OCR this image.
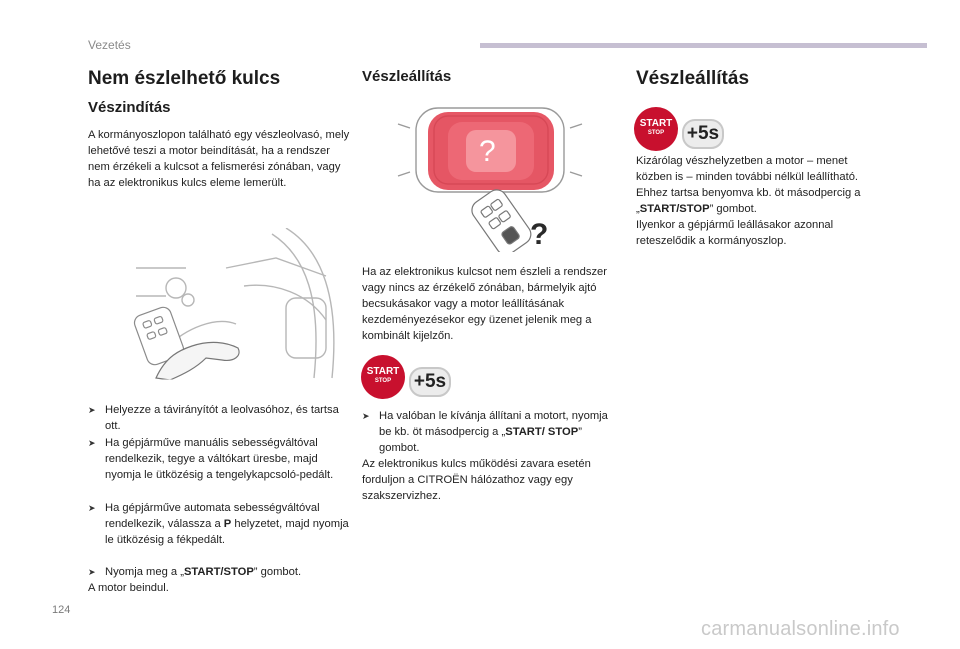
Vezetés
Nem észlelhető kulcs
Vészindítás

A kormányoszlopon található egy vészleolvasó, mely lehetővé teszi a motor beindítását, ha a rendszer nem érzékeli a kulcsot a felismerési zónában, vagy ha az elektronikus kulcs eleme lemerült.

➤ Helyezze a távirányítót a leolvasóhoz, és tartsa ott.
➤ Ha gépjárműve manuális sebességváltóval rendelkezik, tegye a váltókart üresbe, majd nyomja le ütközésig a tengelykapcsoló-pedált.
➤ Ha gépjárműve automata sebességváltóval rendelkezik, válassza a P helyzetet, majd nyomja le ütközésig a fékpedált.
➤ Nyomja meg a „START/STOP” gombot.

A motor beindul.

Vészleállítás
?
?

Ha az elektronikus kulcsot nem észleli a rendszer vagy nincs az érzékelő zónában, bármelyik ajtó becsukásakor vagy a motor leállításának kezdeményezésekor egy üzenet jelenik meg a kombinált kijelzőn.

START
STOP	+5s
➤ Ha valóban le kívánja állítani a motort, nyomja be kb. öt másodpercig a „START/ STOP” gombot.

Az elektronikus kulcs működési zavara esetén forduljon a CITROËN hálózathoz vagy egy szakszervizhez.

Vészleállítás
START
STOP	+5s

Kizárólag vészhelyzetben a motor – menet közben is – minden további nélkül leállítható.
Ehhez tartsa benyomva kb. öt másodpercig a „START/STOP” gombot.
Ilyenkor a gépjármű leállásakor azonnal reteszelődik a kormányoszlop.

124
carmanualsonline.info
